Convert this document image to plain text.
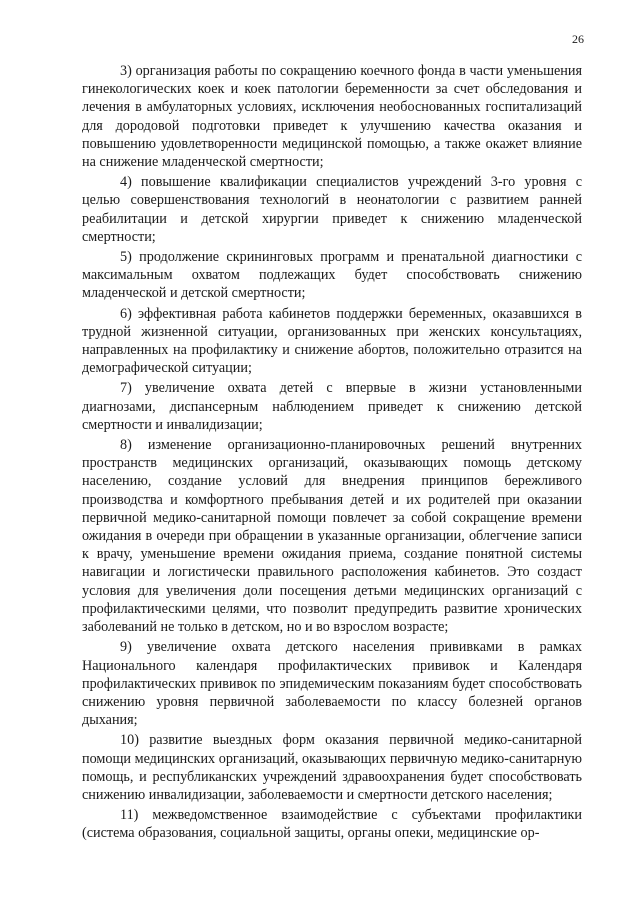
26

3) организация работы по сокращению коечного фонда в части уменьшения гинекологических коек и коек патологии беременности за счет обследования и лечения в амбулаторных условиях, исключения необоснованных госпитализаций для дородовой подготовки приведет к улучшению качества оказания и повышению удовлетворенности медицинской помощью, а также окажет влияние на снижение младенческой смертности;

4) повышение квалификации специалистов учреждений 3-го уровня с целью совершенствования технологий в неонатологии с развитием ранней реабилитации и детской хирургии приведет к снижению младенческой смертности;

5) продолжение скрининговых программ и пренатальной диагностики с максимальным охватом подлежащих будет способствовать снижению младенческой и детской смертности;

6) эффективная работа кабинетов поддержки беременных, оказавшихся в трудной жизненной ситуации, организованных при женских консультациях, направленных на профилактику и снижение абортов, положительно отразится на демографической ситуации;

7) увеличение охвата детей с впервые в жизни установленными диагнозами, диспансерным наблюдением приведет к снижению детской смертности и инвалидизации;

8) изменение организационно-планировочных решений внутренних пространств медицинских организаций, оказывающих помощь детскому населению, создание условий для внедрения принципов бережливого производства и комфортного пребывания детей и их родителей при оказании первичной медико-санитарной помощи повлечет за собой сокращение времени ожидания в очереди при обращении в указанные организации, облегчение записи к врачу, уменьшение времени ожидания приема, создание понятной системы навигации и логистически правильного расположения кабинетов. Это создаст условия для увеличения доли посещения детьми медицинских организаций с профилактическими целями, что позволит предупредить развитие хронических заболеваний не только в детском, но и во взрослом возрасте;

9) увеличение охвата детского населения прививками в рамках Национального календаря профилактических прививок и Календаря профилактических прививок по эпидемическим показаниям будет способствовать снижению уровня первичной заболеваемости по классу болезней органов дыхания;

10) развитие выездных форм оказания первичной медико-санитарной помощи медицинских организаций, оказывающих первичную медико-санитарную помощь, и республиканских учреждений здравоохранения будет способствовать снижению инвалидизации, заболеваемости и смертности детского населения;

11) межведомственное взаимодействие с субъектами профилактики (система образования, социальной защиты, органы опеки, медицинские ор-
